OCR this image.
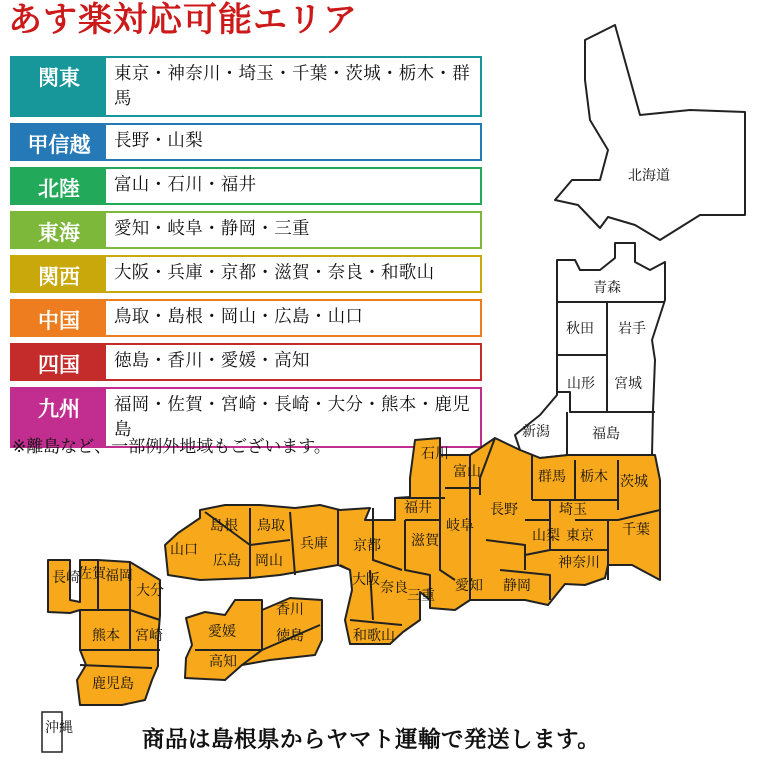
あす楽対応可能エリア
関東	東京・神奈川・埼玉・千葉・茨城・栃木・群馬
甲信越	長野・山梨
北陸	富山・石川・福井
東海	愛知・岐阜・静岡・三重
関西	大阪・兵庫・京都・滋賀・奈良・和歌山
中国	鳥取・島根・岡山・広島・山口
四国	徳島・香川・愛媛・高知
九州	福岡・佐賀・宮崎・長崎・大分・熊本・鹿児島
※離島など、一部例外地域もございます。
北海道
青森
秋田 岩手
山形 宮城
新潟	福島
石川
富山	群馬 栃木 茨城
福井	長野	埼玉
岐阜
山梨 東京 千葉
神奈川
島根 鳥取
兵庫 京都 滋賀
山口
広島 岡山
大阪 奈良 三重
愛知 静岡
和歌山
香川
愛媛	徳島
高知
長崎
佐賀 福岡
大分
熊本 宮崎
鹿児島
沖縄	商品は島根県からヤマト運輸で発送します。
